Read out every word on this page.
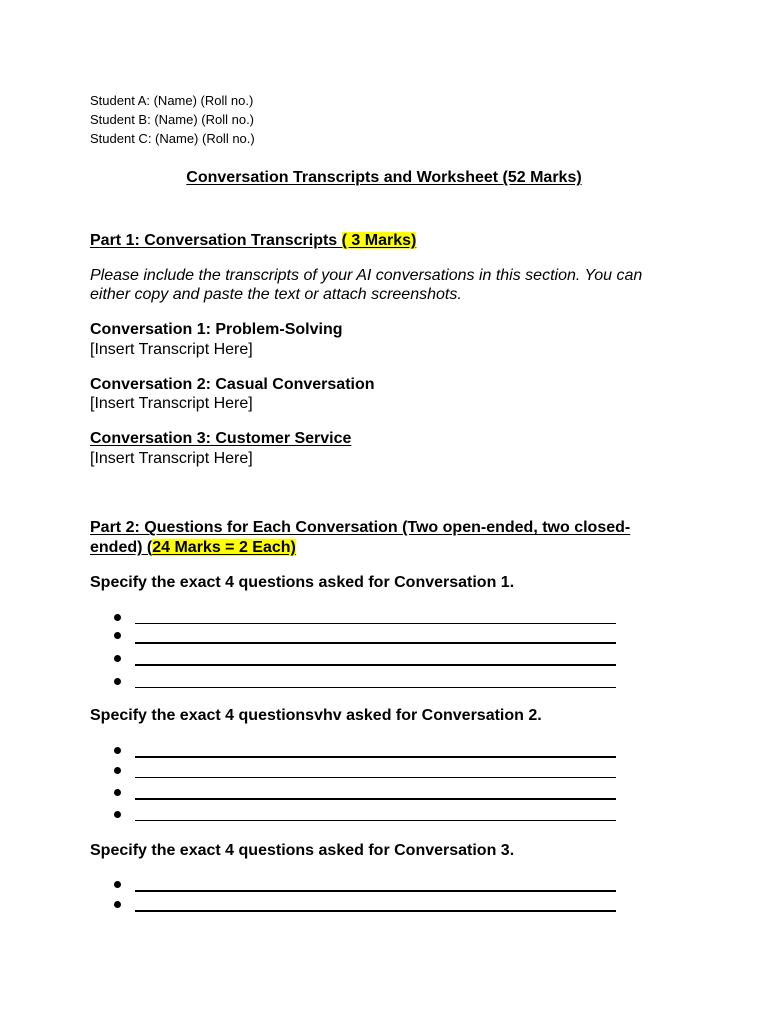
Student A: (Name) (Roll no.)
Student B: (Name) (Roll no.)
Student C: (Name) (Roll no.)
Conversation Transcripts and Worksheet (52 Marks)
Part 1: Conversation Transcripts ( 3 Marks)
Please include the transcripts of your AI conversations in this section. You can either copy and paste the text or attach screenshots.
Conversation 1: Problem-Solving
[Insert Transcript Here]
Conversation 2: Casual Conversation
[Insert Transcript Here]
Conversation 3: Customer Service
[Insert Transcript Here]
Part 2: Questions for Each Conversation (Two open-ended, two closed-
ended) (24 Marks = 2 Each)
Specify the exact 4 questions asked for Conversation 1.
Specify the exact 4 questions​vhv asked for Conversation 2.
Specify the exact 4 questions asked for Conversation 3.
